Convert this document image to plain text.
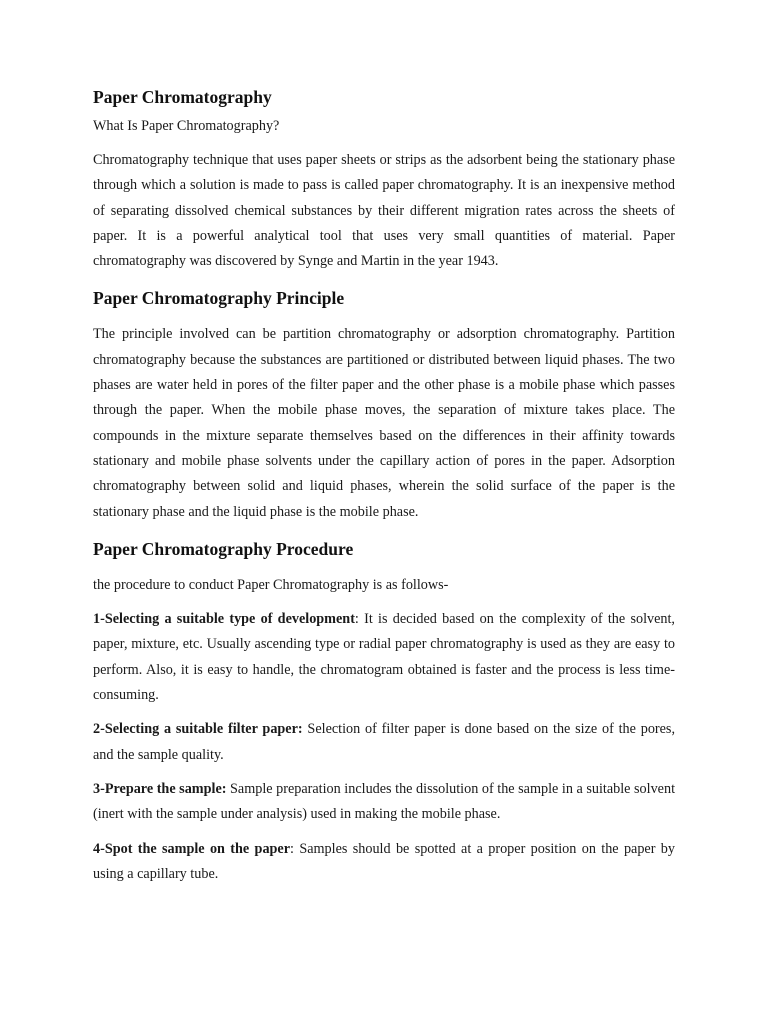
Paper Chromatography
What Is Paper Chromatography?

Chromatography technique that uses paper sheets or strips as the adsorbent being the stationary phase through which a solution is made to pass is called paper chromatography. It is an inexpensive method of separating dissolved chemical substances by their different migration rates across the sheets of paper. It is a powerful analytical tool that uses very small quantities of material. Paper chromatography was discovered by Synge and Martin in the year 1943.

Paper Chromatography Principle

The principle involved can be partition chromatography or adsorption chromatography. Partition chromatography because the substances are partitioned or distributed between liquid phases. The two phases are water held in pores of the filter paper and the other phase is a mobile phase which passes through the paper. When the mobile phase moves, the separation of mixture takes place. The compounds in the mixture separate themselves based on the differences in their affinity towards stationary and mobile phase solvents under the capillary action of pores in the paper. Adsorption chromatography between solid and liquid phases, wherein the solid surface of the paper is the stationary phase and the liquid phase is the mobile phase.

Paper Chromatography Procedure

the procedure to conduct Paper Chromatography is as follows-

1-Selecting a suitable type of development: It is decided based on the complexity of the solvent, paper, mixture, etc. Usually ascending type or radial paper chromatography is used as they are easy to perform. Also, it is easy to handle, the chromatogram obtained is faster and the process is less time-consuming.

2-Selecting a suitable filter paper: Selection of filter paper is done based on the size of the pores, and the sample quality.

3-Prepare the sample: Sample preparation includes the dissolution of the sample in a suitable solvent (inert with the sample under analysis) used in making the mobile phase.

4-Spot the sample on the paper: Samples should be spotted at a proper position on the paper by using a capillary tube.
